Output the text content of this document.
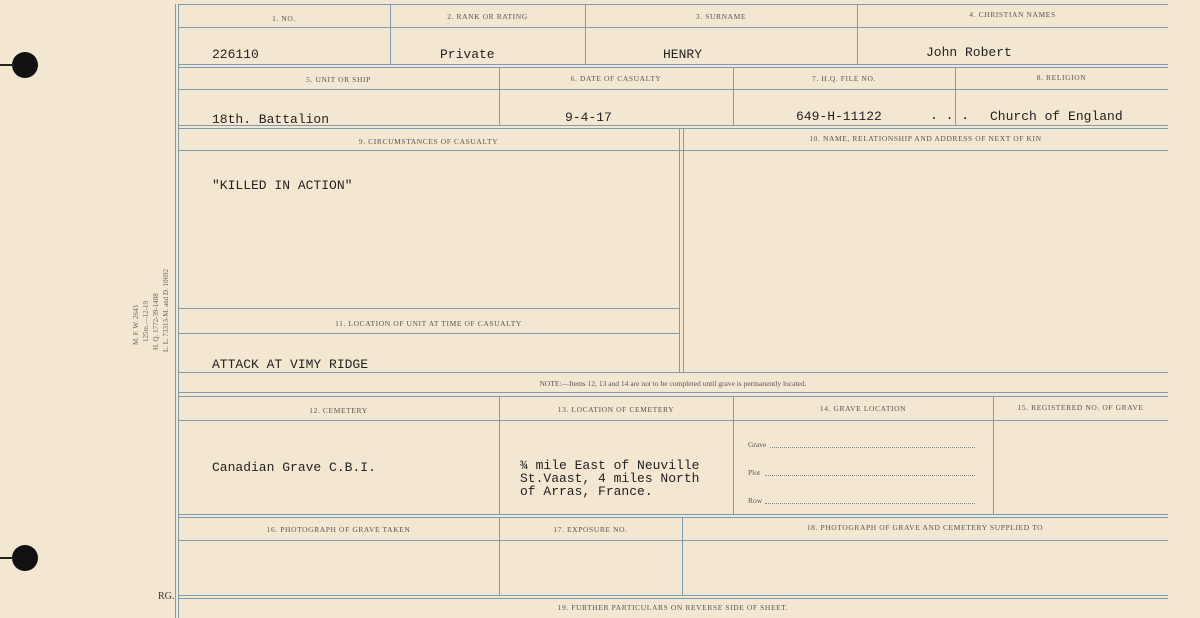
M. F. W. 2643 125m.—12-19 H. Q. 1772-39-1488 L. L. 73313-M. and D. 10692
1. NO.	2. RANK OR RATING	3. SURNAME	4. CHRISTIAN NAMES
226110	Private	HENRY	John Robert
5. UNIT OR SHIP	6. DATE OF CASUALTY	7. H.Q. FILE NO.	8. RELIGION
18th. Battalion	9-4-17	649-H-11122	. . . Church of England
9. CIRCUMSTANCES OF CASUALTY	10. NAME, RELATIONSHIP AND ADDRESS OF NEXT OF KIN
11. LOCATION OF UNIT AT TIME OF CASUALTY
"KILLED IN ACTION"
ATTACK AT VIMY RIDGE
NOTE:—Items 12, 13 and 14 are not to be completed until grave is permanently located.
12. CEMETERY	13. LOCATION OF CEMETERY	14. GRAVE LOCATION	15. REGISTERED NO. OF GRAVE
Canadian Grave C.B.I.	¾ mile East of Neuville
St.Vaast, 4 miles North
of Arras, France.
Grave
Plot
Row
16. PHOTOGRAPH OF GRAVE TAKEN	17. EXPOSURE NO.	18. PHOTOGRAPH OF GRAVE AND CEMETERY SUPPLIED TO
RG.
19. FURTHER PARTICULARS ON REVERSE SIDE OF SHEET.
